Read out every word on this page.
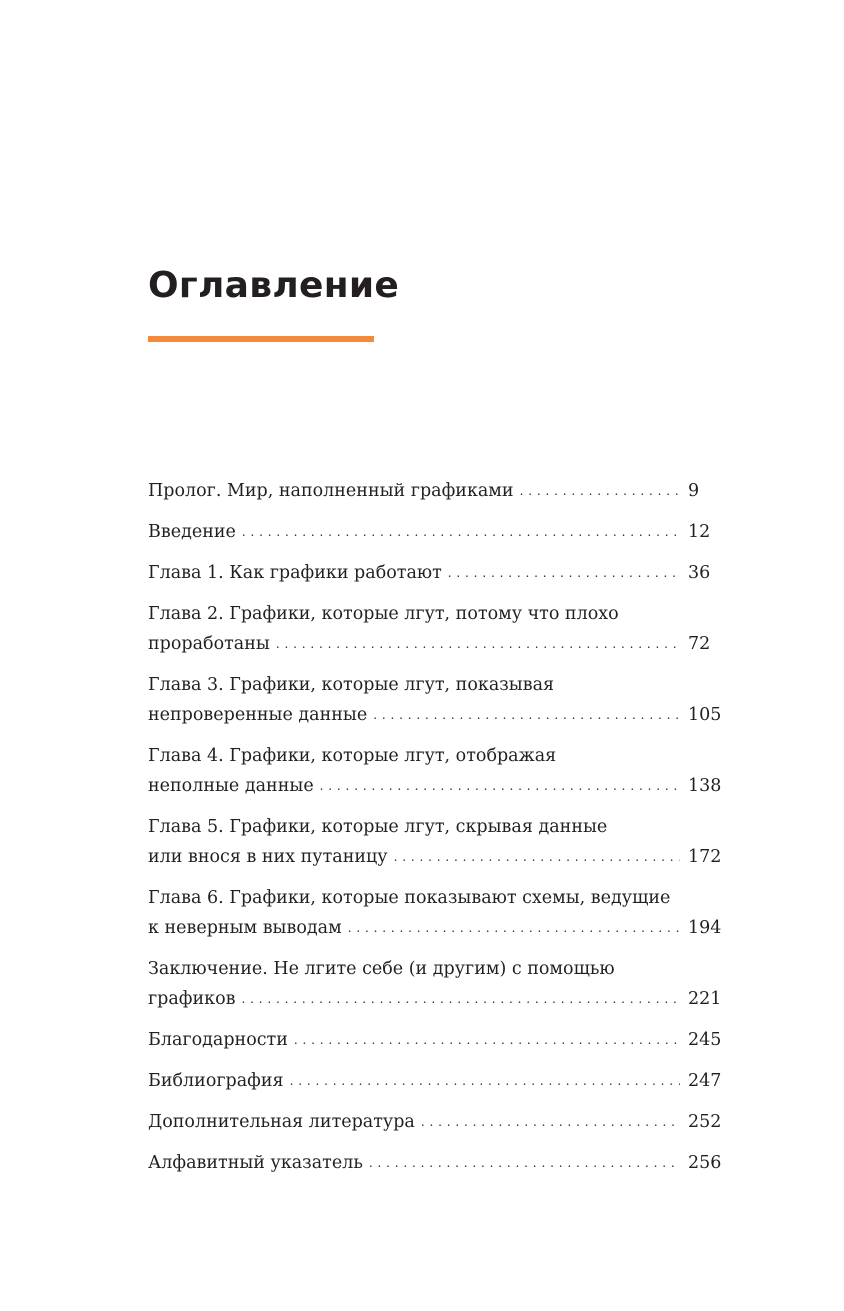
Оглавление
Пролог. Мир, наполненный графиками . . .	9
Введение . . .	12
Глава 1. Как графики работают . . .	36
Глава 2. Графики, которые лгут, потому что плохо
проработаны . . .	72
Глава 3. Графики, которые лгут, показывая
непроверенные данные . . .	105
Глава 4. Графики, которые лгут, отображая
неполные данные . . .	138
Глава 5. Графики, которые лгут, скрывая данные
или внося в них путаницу . . .	172
Глава 6. Графики, которые показывают схемы, ведущие
к неверным выводам . . .	194
Заключение. Не лгите себе (и другим) с помощью
графиков . . .	221
Благодарности . . .	245
Библиография . . .	247
Дополнительная литература . . .	252
Алфавитный указатель . . .	256
